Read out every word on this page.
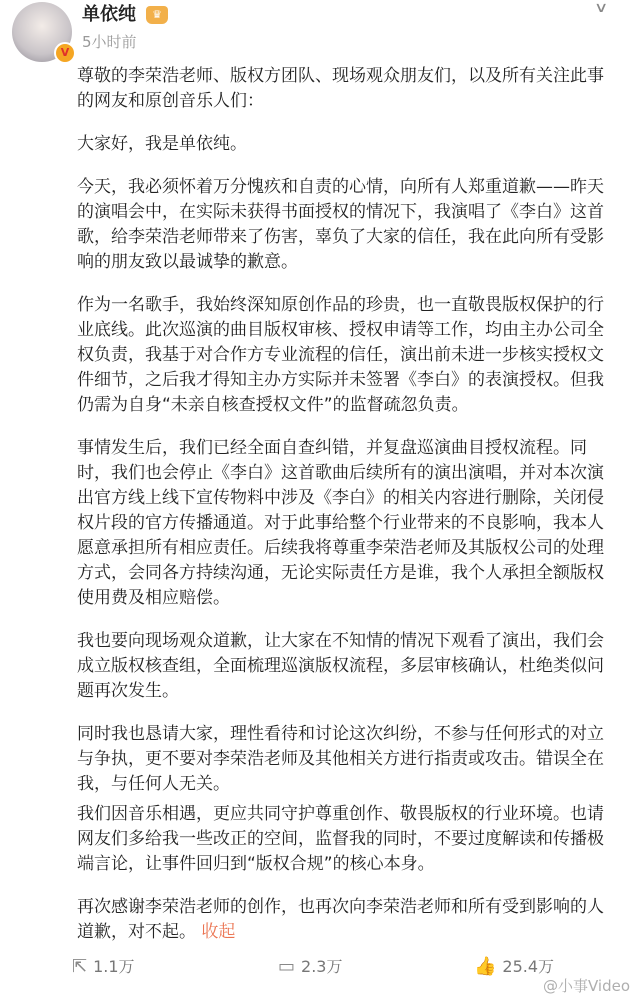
V
单依纯	♛
5小时前
∨

尊敬的李荣浩老师、版权方团队、现场观众朋友们，以及所有关注此事的网友和原创音乐人们：

大家好，我是单依纯。

今天，我必须怀着万分愧疚和自责的心情，向所有人郑重道歉——昨天的演唱会中，在实际未获得书面授权的情况下，我演唱了《李白》这首歌，给李荣浩老师带来了伤害，辜负了大家的信任，我在此向所有受影响的朋友致以最诚挚的歉意。

作为一名歌手，我始终深知原创作品的珍贵，也一直敬畏版权保护的行业底线。此次巡演的曲目版权审核、授权申请等工作，均由主办公司全权负责，我基于对合作方专业流程的信任，演出前未进一步核实授权文件细节，之后我才得知主办方实际并未签署《李白》的表演授权。但我仍需为自身“未亲自核查授权文件”的监督疏忽负责。

事情发生后，我们已经全面自查纠错，并复盘巡演曲目授权流程。同时，我们也会停止《李白》这首歌曲后续所有的演出演唱，并对本次演出官方线上线下宣传物料中涉及《李白》的相关内容进行删除，关闭侵权片段的官方传播通道。对于此事给整个行业带来的不良影响，我本人愿意承担所有相应责任。后续我将尊重李荣浩老师及其版权公司的处理方式，会同各方持续沟通，无论实际责任方是谁，我个人承担全额版权使用费及相应赔偿。

我也要向现场观众道歉，让大家在不知情的情况下观看了演出，我们会成立版权核查组，全面梳理巡演版权流程，多层审核确认，杜绝类似问题再次发生。

同时我也恳请大家，理性看待和讨论这次纠纷，不参与任何形式的对立与争执，更不要对李荣浩老师及其他相关方进行指责或攻击。错误全在我，与任何人无关。

我们因音乐相遇，更应共同守护尊重创作、敬畏版权的行业环境。也请网友们多给我一些改正的空间，监督我的同时，不要过度解读和传播极端言论，让事件回归到“版权合规”的核心本身。

再次感谢李荣浩老师的创作，也再次向李荣浩老师和所有受到影响的人道歉，对不起。 收起

⇱ 1.1万	▭ 2.3万	👍 25.4万
@小事Video
